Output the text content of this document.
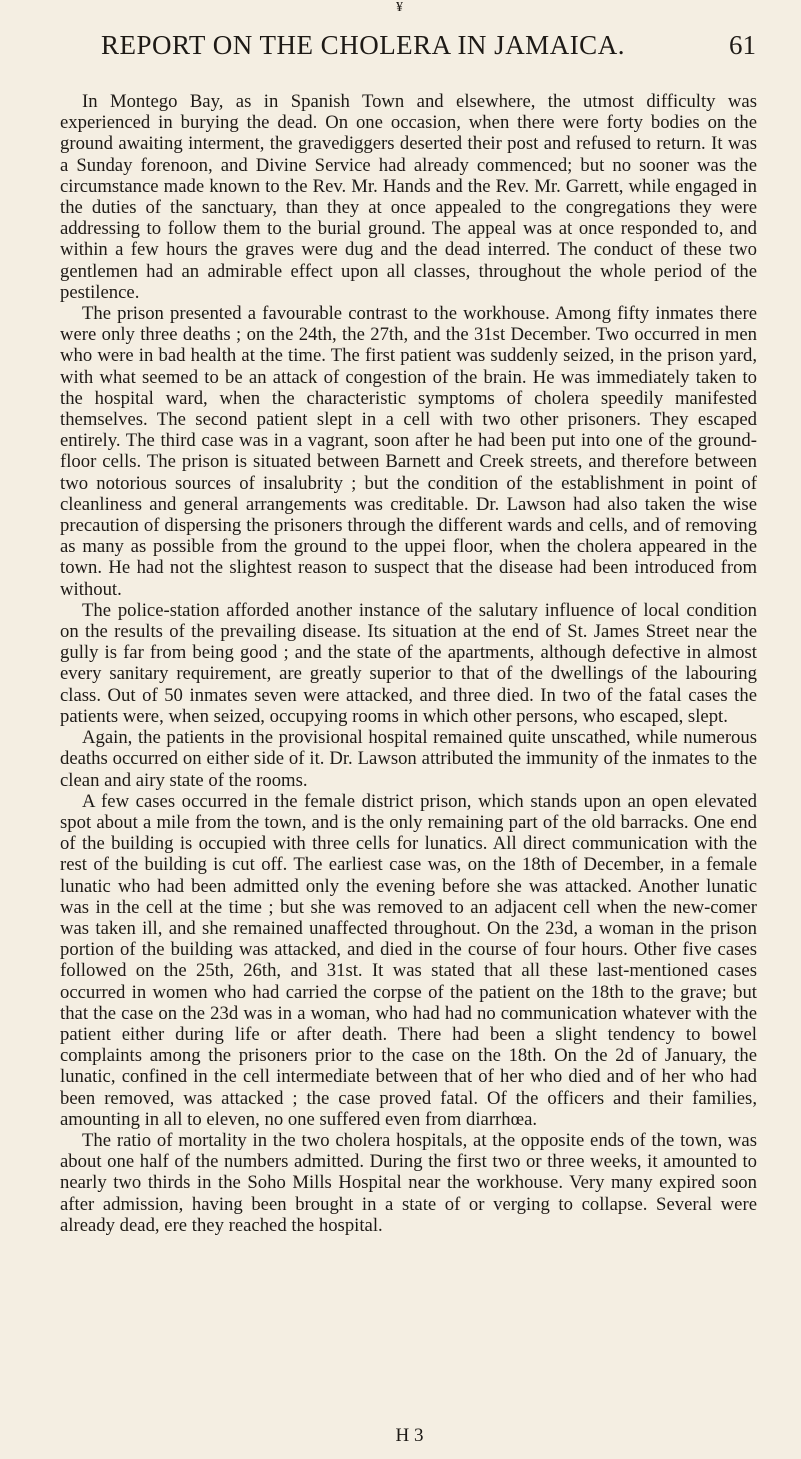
¥
REPORT ON THE CHOLERA IN JAMAICA.	61

In Montego Bay, as in Spanish Town and elsewhere, the utmost difficulty was experienced in burying the dead. On one occasion, when there were forty bodies on the ground awaiting interment, the gravediggers deserted their post and refused to return. It was a Sunday forenoon, and Divine Service had already commenced; but no sooner was the circumstance made known to the Rev. Mr. Hands and the Rev. Mr. Garrett, while engaged in the duties of the sanctuary, than they at once appealed to the congregations they were addressing to follow them to the burial ground. The appeal was at once responded to, and within a few hours the graves were dug and the dead interred. The conduct of these two gentlemen had an admirable effect upon all classes, throughout the whole period of the pestilence.

The prison presented a favourable contrast to the workhouse. Among fifty inmates there were only three deaths ; on the 24th, the 27th, and the 31st December. Two occurred in men who were in bad health at the time. The first patient was suddenly seized, in the prison yard, with what seemed to be an attack of congestion of the brain. He was immediately taken to the hospital ward, when the characteristic symptoms of cholera speedily manifested themselves. The second patient slept in a cell with two other prisoners. They escaped entirely. The third case was in a vagrant, soon after he had been put into one of the ground-floor cells. The prison is situated between Barnett and Creek streets, and therefore between two notorious sources of insalubrity ; but the condition of the establishment in point of cleanliness and general arrangements was creditable. Dr. Lawson had also taken the wise precaution of dispersing the prisoners through the different wards and cells, and of removing as many as possible from the ground to the uppei floor, when the cholera appeared in the town. He had not the slightest reason to suspect that the disease had been introduced from without.

The police-station afforded another instance of the salutary influence of local condition on the results of the prevailing disease. Its situation at the end of St. James Street near the gully is far from being good ; and the state of the apartments, although defective in almost every sanitary requirement, are greatly superior to that of the dwellings of the labouring class. Out of 50 inmates seven were attacked, and three died. In two of the fatal cases the patients were, when seized, occupying rooms in which other persons, who escaped, slept.

Again, the patients in the provisional hospital remained quite unscathed, while numerous deaths occurred on either side of it. Dr. Lawson attributed the immunity of the inmates to the clean and airy state of the rooms.

A few cases occurred in the female district prison, which stands upon an open elevated spot about a mile from the town, and is the only remaining part of the old barracks. One end of the building is occupied with three cells for lunatics. All direct communication with the rest of the building is cut off. The earliest case was, on the 18th of December, in a female lunatic who had been admitted only the evening before she was attacked. Another lunatic was in the cell at the time ; but she was removed to an adjacent cell when the new-comer was taken ill, and she remained unaffected throughout. On the 23d, a woman in the prison portion of the building was attacked, and died in the course of four hours. Other five cases followed on the 25th, 26th, and 31st. It was stated that all these last-mentioned cases occurred in women who had carried the corpse of the patient on the 18th to the grave; but that the case on the 23d was in a woman, who had had no communication whatever with the patient either during life or after death. There had been a slight tendency to bowel complaints among the prisoners prior to the case on the 18th. On the 2d of January, the lunatic, confined in the cell intermediate between that of her who died and of her who had been removed, was attacked ; the case proved fatal. Of the officers and their families, amounting in all to eleven, no one suffered even from diarrhœa.

The ratio of mortality in the two cholera hospitals, at the opposite ends of the town, was about one half of the numbers admitted. During the first two or three weeks, it amounted to nearly two thirds in the Soho Mills Hospital near the workhouse. Very many expired soon after admission, having been brought in a state of or verging to collapse. Several were already dead, ere they reached the hospital.

H 3
